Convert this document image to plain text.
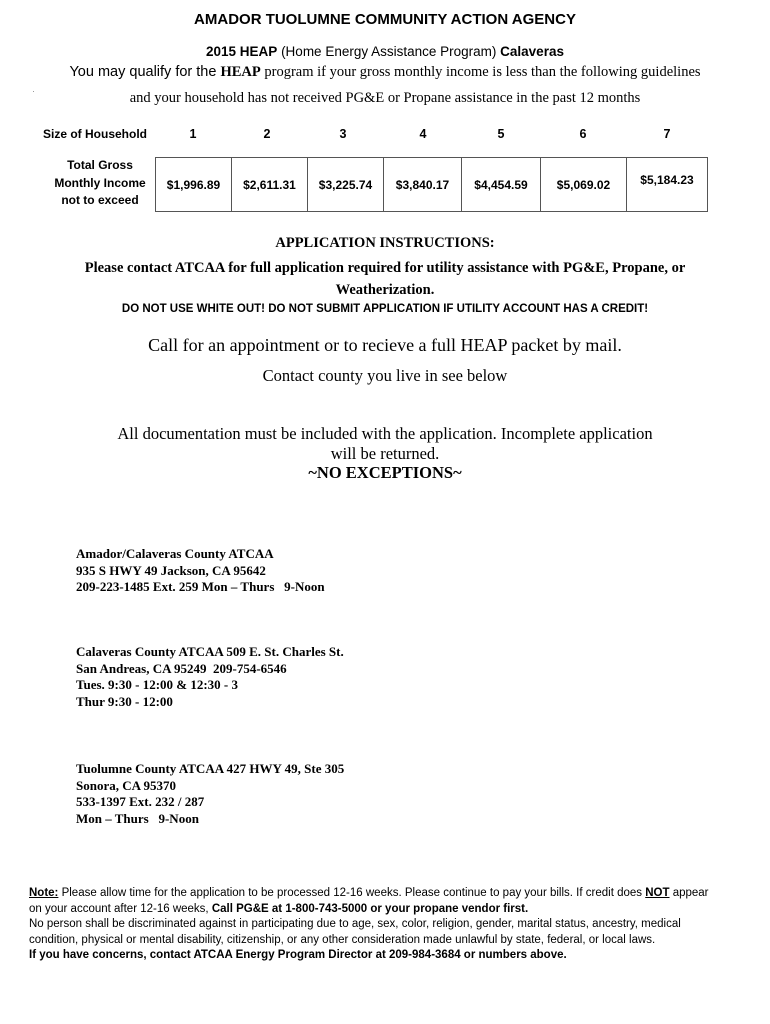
AMADOR TUOLUMNE COMMUNITY ACTION AGENCY
2015 HEAP (Home Energy Assistance Program) Calaveras
You may qualify for the HEAP program if your gross monthly income is less than the following guidelines
and your household has not received PG&E or Propane assistance in the past 12 months
Size of Household	1	2	3	4	5	6	7
Total Gross
Monthly Income
not to exceed
$1,996.89	$2,611.31	$3,225.74	$3,840.17	$4,454.59	$5,069.02	$5,184.23
APPLICATION INSTRUCTIONS:
Please contact ATCAA for full application required for utility assistance with PG&E, Propane, or
Weatherization.
DO NOT USE WHITE OUT! DO NOT SUBMIT APPLICATION IF UTILITY ACCOUNT HAS A CREDIT!
Call for an appointment or to recieve a full HEAP packet by mail.
Contact county you live in see below
All documentation must be included with the application. Incomplete application
will be returned.
~NO EXCEPTIONS~
Amador/Calaveras County ATCAA
935 S HWY 49 Jackson, CA 95642
209-223-1485 Ext. 259 Mon – Thurs   9-Noon
Calaveras County ATCAA 509 E. St. Charles St.
San Andreas, CA 95249  209-754-6546
Tues. 9:30 - 12:00 & 12:30 - 3
Thur 9:30 - 12:00
Tuolumne County ATCAA 427 HWY 49, Ste 305
Sonora, CA 95370
533-1397 Ext. 232 / 287
Mon – Thurs   9-Noon
Note: Please allow time for the application to be processed 12-16 weeks. Please continue to pay your bills. If credit does NOT appear
on your account after 12-16 weeks, Call PG&E at 1-800-743-5000 or your propane vendor first.
No person shall be discriminated against in participating due to age, sex, color, religion, gender, marital status, ancestry, medical
condition, physical or mental disability, citizenship, or any other consideration made unlawful by state, federal, or local laws.
If you have concerns, contact ATCAA Energy Program Director at 209-984-3684 or numbers above.
